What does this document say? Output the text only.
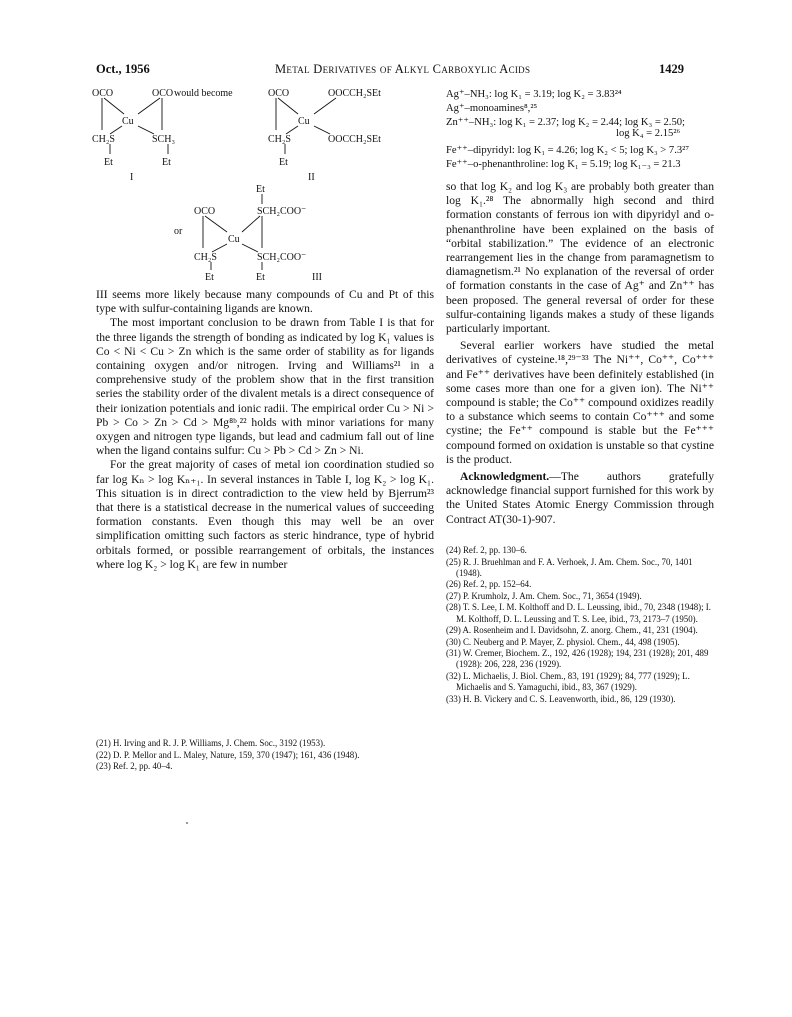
Oct., 1956	Metal Derivatives of Alkyl Carboxylic Acids	1429
OCO	OCO would become
Cu
CH₂S	SCH₃
Et	Et
I
OCO	OOCCH₂SEt
Cu
CH₂S	OOCCH₂SEt
Et
II
Et
OCO	SCH₂COO⁻
or
Cu
CH₂S	SCH₂COO⁻
Et	Et	III

III seems more likely because many compounds of Cu and Pt of this type with sulfur-containing ligands are known.

The most important conclusion to be drawn from Table I is that for the three ligands the strength of bonding as indicated by log K₁ values is Co < Ni < Cu > Zn which is the same order of stability as for ligands containing oxygen and/or nitrogen. Irving and Williams²¹ in a comprehensive study of the problem show that in the first transition series the stability order of the divalent metals is a direct consequence of their ionization potentials and ionic radii. The empirical order Cu > Ni > Pb > Co > Zn > Cd > Mg⁸ᵇ,²² holds with minor variations for many oxygen and nitrogen type ligands, but lead and cadmium fall out of line when the ligand contains sulfur: Cu > Pb > Cd > Zn > Ni.

For the great majority of cases of metal ion coordination studied so far log Kₙ > log Kₙ₊₁. In several instances in Table I, log K₂ > log K₁. This situation is in direct contradiction to the view held by Bjerrum²³ that there is a statistical decrease in the numerical values of succeeding formation constants. Even though this may well be an over simplification omitting such factors as steric hindrance, type of hybrid orbitals formed, or possible rearrangement of orbitals, the instances where log K₂ > log K₁ are few in number

(21) H. Irving and R. J. P. Williams, J. Chem. Soc., 3192 (1953).
(22) D. P. Mellor and L. Maley, Nature, 159, 370 (1947); 161, 436 (1948).
(23) Ref. 2, pp. 40–4.
Ag⁺–NH₃: log K₁ = 3.19; log K₂ = 3.83²⁴
Ag⁺–monoamines⁸,²⁵
Zn⁺⁺–NH₃: log K₁ = 2.37; log K₂ = 2.44; log K₃ = 2.50;
log K₄ = 2.15²⁶
Fe⁺⁺–dipyridyl: log K₁ = 4.26; log K₂ < 5; log K₃ > 7.3²⁷
Fe⁺⁺–o-phenanthroline: log K₁ = 5.19; log K₁₋₃ = 21.3

so that log K₂ and log K₃ are probably both greater than log K₁.²⁸ The abnormally high second and third formation constants of ferrous ion with dipyridyl and o-phenanthroline have been explained on the basis of “orbital stabilization.” The evidence of an electronic rearrangement lies in the change from paramagnetism to diamagnetism.²¹ No explanation of the reversal of order of formation constants in the case of Ag⁺ and Zn⁺⁺ has been proposed. The general reversal of order for these sulfur-containing ligands makes a study of these ligands particularly important.

Several earlier workers have studied the metal derivatives of cysteine.¹⁸,²⁹⁻³³ The Ni⁺⁺, Co⁺⁺, Co⁺⁺⁺ and Fe⁺⁺ derivatives have been definitely established (in some cases more than one for a given ion). The Ni⁺⁺ compound is stable; the Co⁺⁺ compound oxidizes readily to a substance which seems to contain Co⁺⁺⁺ and some cystine; the Fe⁺⁺ compound is stable but the Fe⁺⁺⁺ compound formed on oxidation is unstable so that cystine is the product.

Acknowledgment.—The authors gratefully acknowledge financial support furnished for this work by the United States Atomic Energy Commission through Contract AT(30-1)-907.

(24) Ref. 2, pp. 130–6.
(25) R. J. Bruehlman and F. A. Verhoek, J. Am. Chem. Soc., 70, 1401 (1948).
(26) Ref. 2, pp. 152–64.
(27) P. Krumholz, J. Am. Chem. Soc., 71, 3654 (1949).
(28) T. S. Lee, I. M. Kolthoff and D. L. Leussing, ibid., 70, 2348 (1948); I. M. Kolthoff, D. L. Leussing and T. S. Lee, ibid., 73, 2173–7 (1950).
(29) A. Rosenheim and I. Davidsohn, Z. anorg. Chem., 41, 231 (1904).
(30) C. Neuberg and P. Mayer, Z. physiol. Chem., 44, 498 (1905).
(31) W. Cremer, Biochem. Z., 192, 426 (1928); 194, 231 (1928); 201, 489 (1928): 206, 228, 236 (1929).
(32) L. Michaelis, J. Biol. Chem., 83, 191 (1929); 84, 777 (1929); L. Michaelis and S. Yamaguchi, ibid., 83, 367 (1929).
(33) H. B. Vickery and C. S. Leavenworth, ibid., 86, 129 (1930).
